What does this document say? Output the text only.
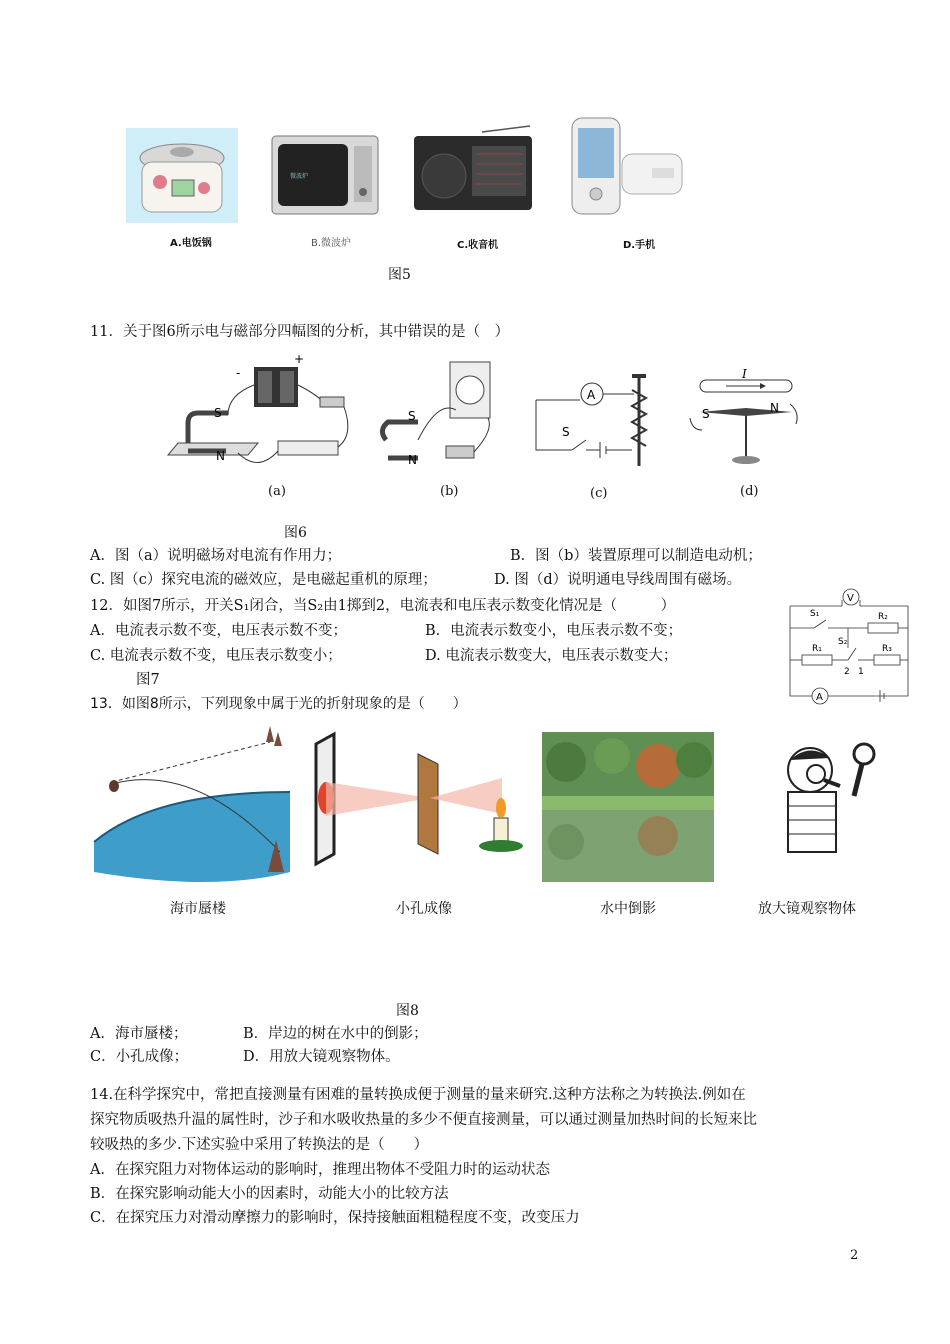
A.电饭锅
微波炉
B.微波炉	C.收音机	D.手机
图5
11．关于图6所示电与磁部分四幅图的分析，其中错误的是（　）
S
N
+
-
(a)
S
N
(b)
A
S
(c)
I
S	N
(d)
图6
A．图（a）说明磁场对电流有作用力；	B．图（b）装置原理可以制造电动机；
C. 图（c）探究电流的磁效应，是电磁起重机的原理；	D. 图（d）说明通电导线周围有磁场。
12．如图7所示，开关S₁闭合，当S₂由1掷到2，电流表和电压表示数变化情况是（　　　）
A．电流表示数不变，电压表示数不变；	B．电流表示数变小，电压表示数不变；
C. 电流表示数不变，电压表示数变小；	D. 电流表示数变大，电压表示数变大；
图7
V
S₁	R₂
R₁
S₂
R₃
2 1
A
13．如图8所示，下列现象中属于光的折射现象的是（　　）
海市蜃楼	小孔成像	水中倒影	放大镜观察物体
图8
A．海市蜃楼；	B．岸边的树在水中的倒影；
C．小孔成像；	D．用放大镜观察物体。
14.在科学探究中，常把直接测量有困难的量转换成便于测量的量来研究.这种方法称之为转换法.例如在
探究物质吸热升温的属性时，沙子和水吸收热量的多少不便直接测量，可以通过测量加热时间的长短来比
较吸热的多少.下述实验中采用了转换法的是（　　）
A．在探究阻力对物体运动的影响时，推理出物体不受阻力时的运动状态
B．在探究影响动能大小的因素时，动能大小的比较方法
C．在探究压力对滑动摩擦力的影响时，保持接触面粗糙程度不变，改变压力
2
